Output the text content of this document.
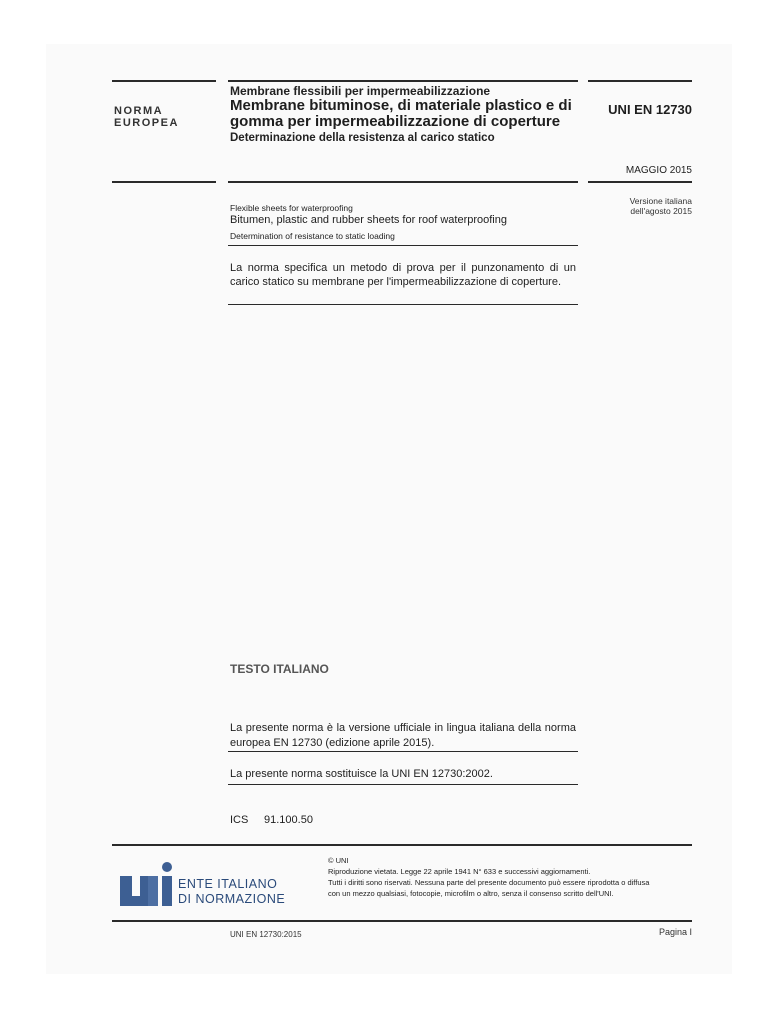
NORMA
EUROPEA
Membrane flessibili per impermeabilizzazione
Membrane bituminose, di materiale plastico e di gomma per impermeabilizzazione di coperture
Determinazione della resistenza al carico statico
UNI EN 12730
MAGGIO 2015
Versione italiana
dell'agosto 2015
Flexible sheets for waterproofing
Bitumen, plastic and rubber sheets for roof waterproofing
Determination of resistance to static loading
La norma specifica un metodo di prova per il punzonamento di un carico statico su membrane per l'impermeabilizzazione di coperture.
TESTO ITALIANO
La presente norma è la versione ufficiale in lingua italiana della norma europea EN 12730 (edizione aprile 2015).
La presente norma sostituisce la UNI EN 12730:2002.
ICS 91.100.50
ENTE ITALIANO
DI NORMAZIONE
© UNI
Riproduzione vietata. Legge 22 aprile 1941 N° 633 e successivi aggiornamenti.
Tutti i diritti sono riservati. Nessuna parte del presente documento può essere riprodotta o diffusa
con un mezzo qualsiasi, fotocopie, microfilm o altro, senza il consenso scritto dell'UNI.
UNI EN 12730:2015	Pagina I
